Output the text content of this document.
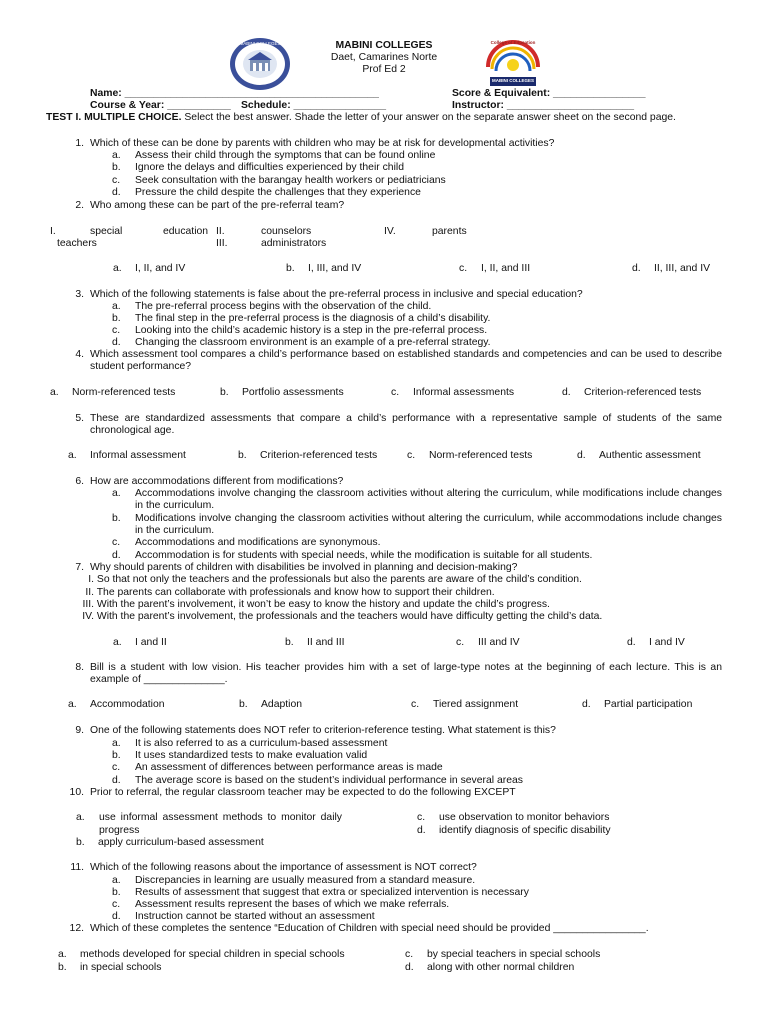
MABINI COLLEGES	MABINI COLLEGES
Daet, Camarines Norte
Prof Ed 2
College of Education
MABINI COLLEGES
Name: ____________________________________________	Score & Equivalent: ________________
Course & Year: ___________ Schedule: ________________	Instructor: ______________________
TEST I. MULTIPLE CHOICE. Select the best answer. Shade the letter of your answer on the separate answer sheet on the second page.
1. Which of these can be done by parents with children who may be at risk for developmental activities?
a.	Assess their child through the symptoms that can be found online
b.	Ignore the delays and difficulties experienced by their child
c.	Seek consultation with the barangay health workers or pediatricians
d.	Pressure the child despite the challenges that they experience
2. Who among these can be part of the pre-referral team?
I.	special	education II.	counselors	IV.	parents
teachers	III.	administrators
a. I, II, and IV	b. I, III, and IV	c. I, II, and III	d. II, III, and IV
3. Which of the following statements is false about the pre-referral process in inclusive and special education?
a.	The pre-referral process begins with the observation of the child.
b.	The final step in the pre-referral process is the diagnosis of a child’s disability.
c.	Looking into the child’s academic history is a step in the pre-referral process.
d.	Changing the classroom environment is an example of a pre-referral strategy.
4. Which assessment tool compares a child’s performance based on established standards and competencies and can be used to describe student performance?
a. Norm-referenced tests	b. Portfolio assessments	c. Informal assessments	d. Criterion-referenced tests
5. These are standardized assessments that compare a child’s performance with a representative sample of students of the same chronological age.
a. Informal assessment	b. Criterion-referenced tests	c. Norm-referenced tests	d. Authentic assessment
6. How are accommodations different from modifications?
a.	Accommodations involve changing the classroom activities without altering the curriculum, while modifications include changes in the curriculum.
b.	Modifications involve changing the classroom activities without altering the curriculum, while accommodations include changes in the curriculum.
c.	Accommodations and modifications are synonymous.
d.	Accommodation is for students with special needs, while the modification is suitable for all students.
7. Why should parents of children with disabilities be involved in planning and decision-making?
I. So that not only the teachers and the professionals but also the parents are aware of the child’s condition.
II. The parents can collaborate with professionals and know how to support their children.
III. With the parent’s involvement, it won’t be easy to know the history and update the child’s progress.
IV. With the parent’s involvement, the professionals and the teachers would have difficulty getting the child’s data.
a. I and II	b. II and III	c. III and IV	d. I and IV
8. Bill is a student with low vision. His teacher provides him with a set of large-type notes at the beginning of each lecture. This is an example of ______________.
a. Accommodation	b. Adaption	c. Tiered assignment	d. Partial participation
9. One of the following statements does NOT refer to criterion-reference testing. What statement is this?
a.	It is also referred to as a curriculum-based assessment
b.	It uses standardized tests to make evaluation valid
c.	An assessment of differences between performance areas is made
d.	The average score is based on the student’s individual performance in several areas
10. Prior to referral, the regular classroom teacher may be expected to do the following EXCEPT
a. use informal assessment methods to monitor daily
progress
b. apply curriculum-based assessment
c. use observation to monitor behaviors
d. identify diagnosis of specific disability
11. Which of the following reasons about the importance of assessment is NOT correct?
a.	Discrepancies in learning are usually measured from a standard measure.
b.	Results of assessment that suggest that extra or specialized intervention is necessary
c.	Assessment results represent the bases of which we make referrals.
d.	Instruction cannot be started without an assessment
12. Which of these completes the sentence “Education of Children with special need should be provided ________________.
a. methods developed for special children in special schools
b. in special schools
c. by special teachers in special schools
d. along with other normal children
